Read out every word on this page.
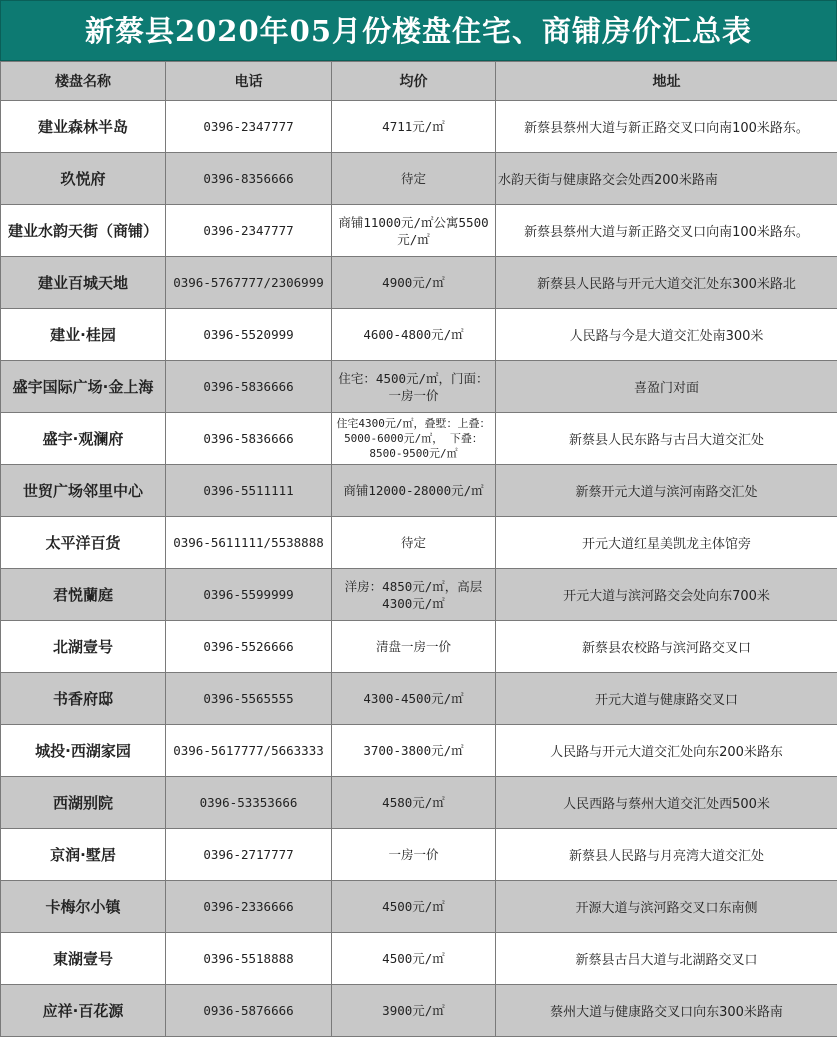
新蔡县2020年05月份楼盘住宅、商铺房价汇总表
楼盘名称	电话	均价	地址
建业森林半岛	0396-2347777	4711元/㎡	新蔡县蔡州大道与新正路交叉口向南100米路东。
玖悦府	0396-8356666	待定	水韵天街与健康路交会处西200米路南
建业水韵天街（商铺）	0396-2347777	商铺11000元/㎡公寓5500元/㎡	新蔡县蔡州大道与新正路交叉口向南100米路东。
建业百城天地	0396-5767777/2306999	4900元/㎡	新蔡县人民路与开元大道交汇处东300米路北
建业·桂园	0396-5520999	4600-4800元/㎡	人民路与今是大道交汇处南300米
盛宇国际广场·金上海	0396-5836666	住宅：4500元/㎡，门面：一房一价	喜盈门对面
盛宇·观澜府	0396-5836666	住宅4300元/㎡，叠墅：上叠：5000-6000元/㎡， 下叠：8500-9500元/㎡	新蔡县人民东路与古吕大道交汇处
世贸广场邻里中心	0396-5511111	商铺12000-28000元/㎡	新蔡开元大道与滨河南路交汇处
太平洋百货	0396-5611111/5538888	待定	开元大道红星美凯龙主体馆旁
君悦蘭庭	0396-5599999	洋房：4850元/㎡，高层4300元/㎡	开元大道与滨河路交会处向东700米
北湖壹号	0396-5526666	清盘一房一价	新蔡县农校路与滨河路交叉口
书香府邸	0396-5565555	4300-4500元/㎡	开元大道与健康路交叉口
城投·西湖家园	0396-5617777/5663333	3700-3800元/㎡	人民路与开元大道交汇处向东200米路东
西湖别院	0396-53353666	4580元/㎡	人民西路与蔡州大道交汇处西500米
京润·墅居	0396-2717777	一房一价	新蔡县人民路与月亮湾大道交汇处
卡梅尔小镇	0396-2336666	4500元/㎡	开源大道与滨河路交叉口东南侧
東湖壹号	0396-5518888	4500元/㎡	新蔡县古吕大道与北湖路交叉口
应祥·百花源	0936-5876666	3900元/㎡	蔡州大道与健康路交叉口向东300米路南
